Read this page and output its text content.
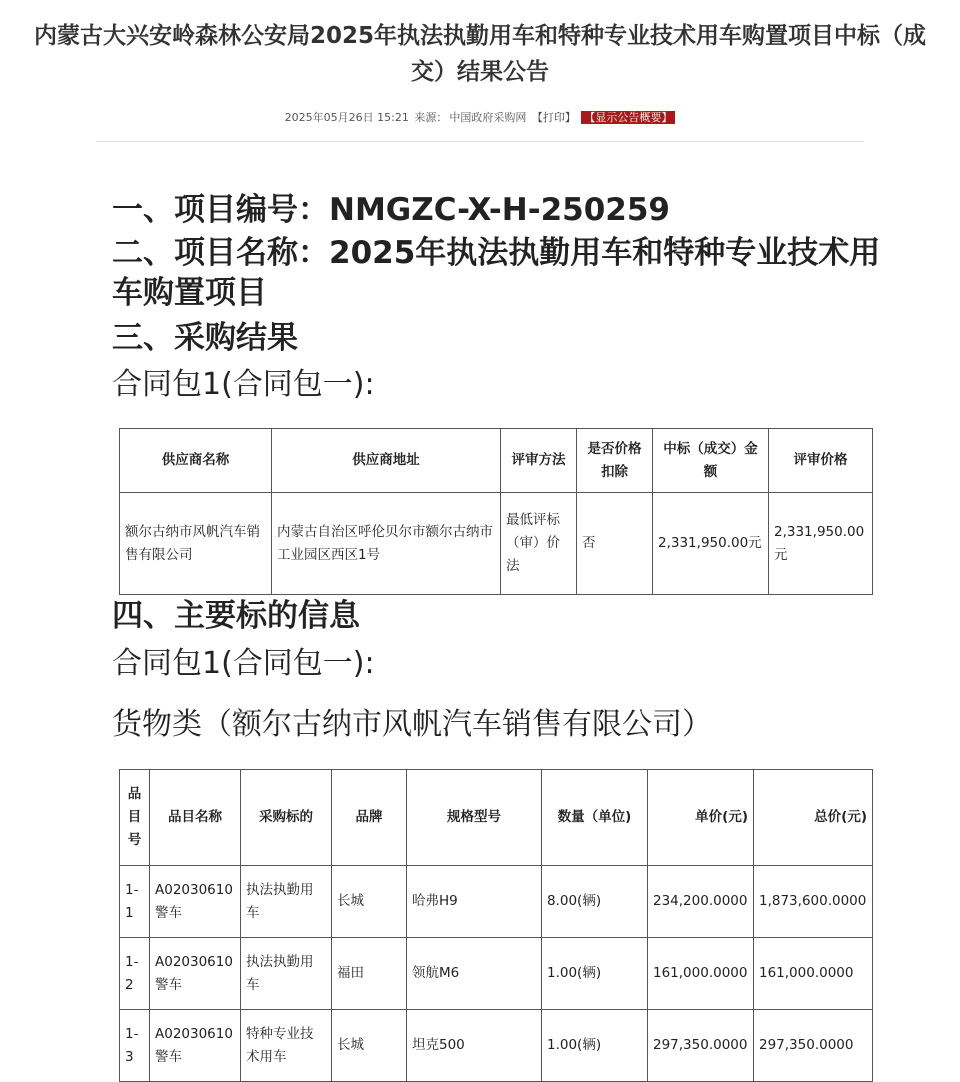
内蒙古大兴安岭森林公安局2025年执法执勤用车和特种专业技术用车购置项目中标（成交）结果公告
2025年05月26日 15:21 来源： 中国政府采购网 【打印】 【显示公告概要】
一、项目编号：NMGZC-X-H-250259
二、项目名称：2025年执法执勤用车和特种专业技术用车购置项目
三、采购结果
合同包1(合同包一):
供应商名称	供应商地址	评审方法	是否价格扣除	中标（成交）金额	评审价格
额尔古纳市风帆汽车销售有限公司	内蒙古自治区呼伦贝尔市额尔古纳市工业园区西区1号	最低评标（审）价法	否	2,331,950.00元	2,331,950.00元
四、主要标的信息
合同包1(合同包一):
货物类（额尔古纳市风帆汽车销售有限公司）
品目号	品目名称	采购标的	品牌	规格型号	数量（单位)	单价(元)	总价(元)
1-1	A02030610警车	执法执勤用车	长城	哈弗H9	8.00(辆)	234,200.0000	1,873,600.0000
1-2	A02030610警车	执法执勤用车	福田	领航M6	1.00(辆)	161,000.0000	161,000.0000
1-3	A02030610警车	特种专业技术用车	长城	坦克500	1.00(辆)	297,350.0000	297,350.0000
